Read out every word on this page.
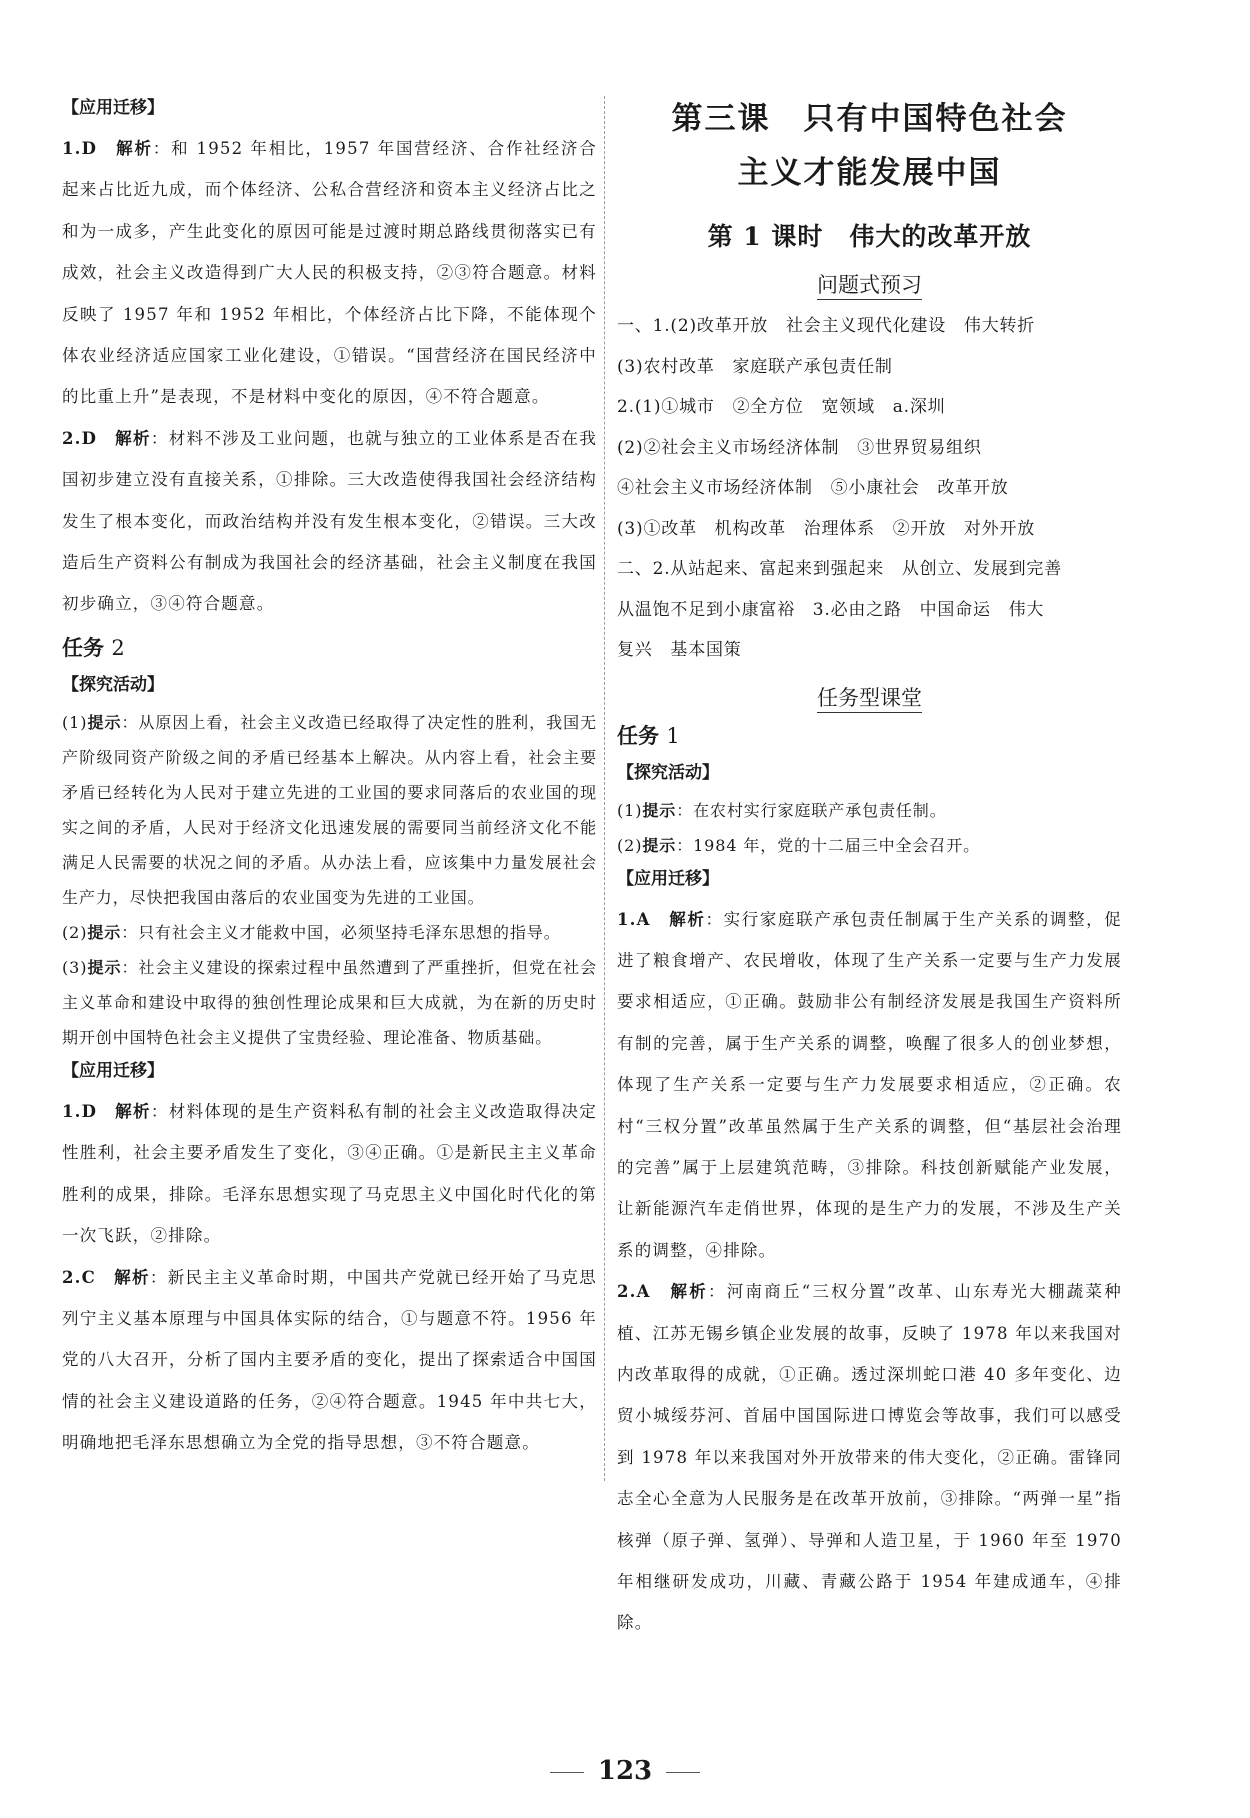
【应用迁移】

1.D　 解析：和 1952 年相比，1957 年国营经济、合作社经济合起来占比近九成，而个体经济、公私合营经济和资本主义经济占比之和为一成多，产生此变化的原因可能是过渡时期总路线贯彻落实已有成效，社会主义改造得到广大人民的积极支持，②③符合题意。材料反映了 1957 年和 1952 年相比，个体经济占比下降，不能体现个体农业经济适应国家工业化建设，①错误。“国营经济在国民经济中的比重上升”是表现，不是材料中变化的原因，④不符合题意。

2.D　 解析：材料不涉及工业问题，也就与独立的工业体系是否在我国初步建立没有直接关系，①排除。三大改造使得我国社会经济结构发生了根本变化，而政治结构并没有发生根本变化，②错误。三大改造后生产资料公有制成为我国社会的经济基础，社会主义制度在我国初步确立，③④符合题意。

任务 2
【探究活动】

(1)提示：从原因上看，社会主义改造已经取得了决定性的胜利，我国无产阶级同资产阶级之间的矛盾已经基本上解决。从内容上看，社会主要矛盾已经转化为人民对于建立先进的工业国的要求同落后的农业国的现实之间的矛盾，人民对于经济文化迅速发展的需要同当前经济文化不能满足人民需要的状况之间的矛盾。从办法上看，应该集中力量发展社会生产力，尽快把我国由落后的农业国变为先进的工业国。

(2)提示：只有社会主义才能救中国，必须坚持毛泽东思想的指导。

(3)提示：社会主义建设的探索过程中虽然遭到了严重挫折，但党在社会主义革命和建设中取得的独创性理论成果和巨大成就，为在新的历史时期开创中国特色社会主义提供了宝贵经验、理论准备、物质基础。

【应用迁移】

1.D　 解析：材料体现的是生产资料私有制的社会主义改造取得决定性胜利，社会主要矛盾发生了变化，③④正确。①是新民主主义革命胜利的成果，排除。毛泽东思想实现了马克思主义中国化时代化的第一次飞跃，②排除。

2.C　 解析：新民主主义革命时期，中国共产党就已经开始了马克思列宁主义基本原理与中国具体实际的结合，①与题意不符。1956 年党的八大召开，分析了国内主要矛盾的变化，提出了探索适合中国国情的社会主义建设道路的任务，②④符合题意。1945 年中共七大，明确地把毛泽东思想确立为全党的指导思想，③不符合题意。

第三课　只有中国特色社会

主义才能发展中国

第 1 课时　伟大的改革开放

问题式预习

一、1.(2)改革开放　社会主义现代化建设　伟大转折

(3)农村改革　家庭联产承包责任制

2.(1)①城市　②全方位　宽领域　a.深圳

(2)②社会主义市场经济体制　③世界贸易组织

④社会主义市场经济体制　⑤小康社会　改革开放

(3)①改革　机构改革　治理体系　②开放　对外开放

二、2.从站起来、富起来到强起来　从创立、发展到完善

从温饱不足到小康富裕　3.必由之路　中国命运　伟大

复兴　基本国策

任务型课堂
任务 1
【探究活动】

(1)提示：在农村实行家庭联产承包责任制。

(2)提示：1984 年，党的十二届三中全会召开。

【应用迁移】

1.A　 解析：实行家庭联产承包责任制属于生产关系的调整，促进了粮食增产、农民增收，体现了生产关系一定要与生产力发展要求相适应，①正确。鼓励非公有制经济发展是我国生产资料所有制的完善，属于生产关系的调整，唤醒了很多人的创业梦想，体现了生产关系一定要与生产力发展要求相适应，②正确。农村“三权分置”改革虽然属于生产关系的调整，但“基层社会治理的完善”属于上层建筑范畴，③排除。科技创新赋能产业发展，让新能源汽车走俏世界，体现的是生产力的发展，不涉及生产关系的调整，④排除。

2.A　 解析：河南商丘“三权分置”改革、山东寿光大棚蔬菜种植、江苏无锡乡镇企业发展的故事，反映了 1978 年以来我国对内改革取得的成就，①正确。透过深圳蛇口港 40 多年变化、边贸小城绥芬河、首届中国国际进口博览会等故事，我们可以感受到 1978 年以来我国对外开放带来的伟大变化，②正确。雷锋同志全心全意为人民服务是在改革开放前，③排除。“两弹一星”指核弹（原子弹、氢弹）、导弹和人造卫星，于 1960 年至 1970 年相继研发成功，川藏、青藏公路于 1954 年建成通车，④排除。

123
